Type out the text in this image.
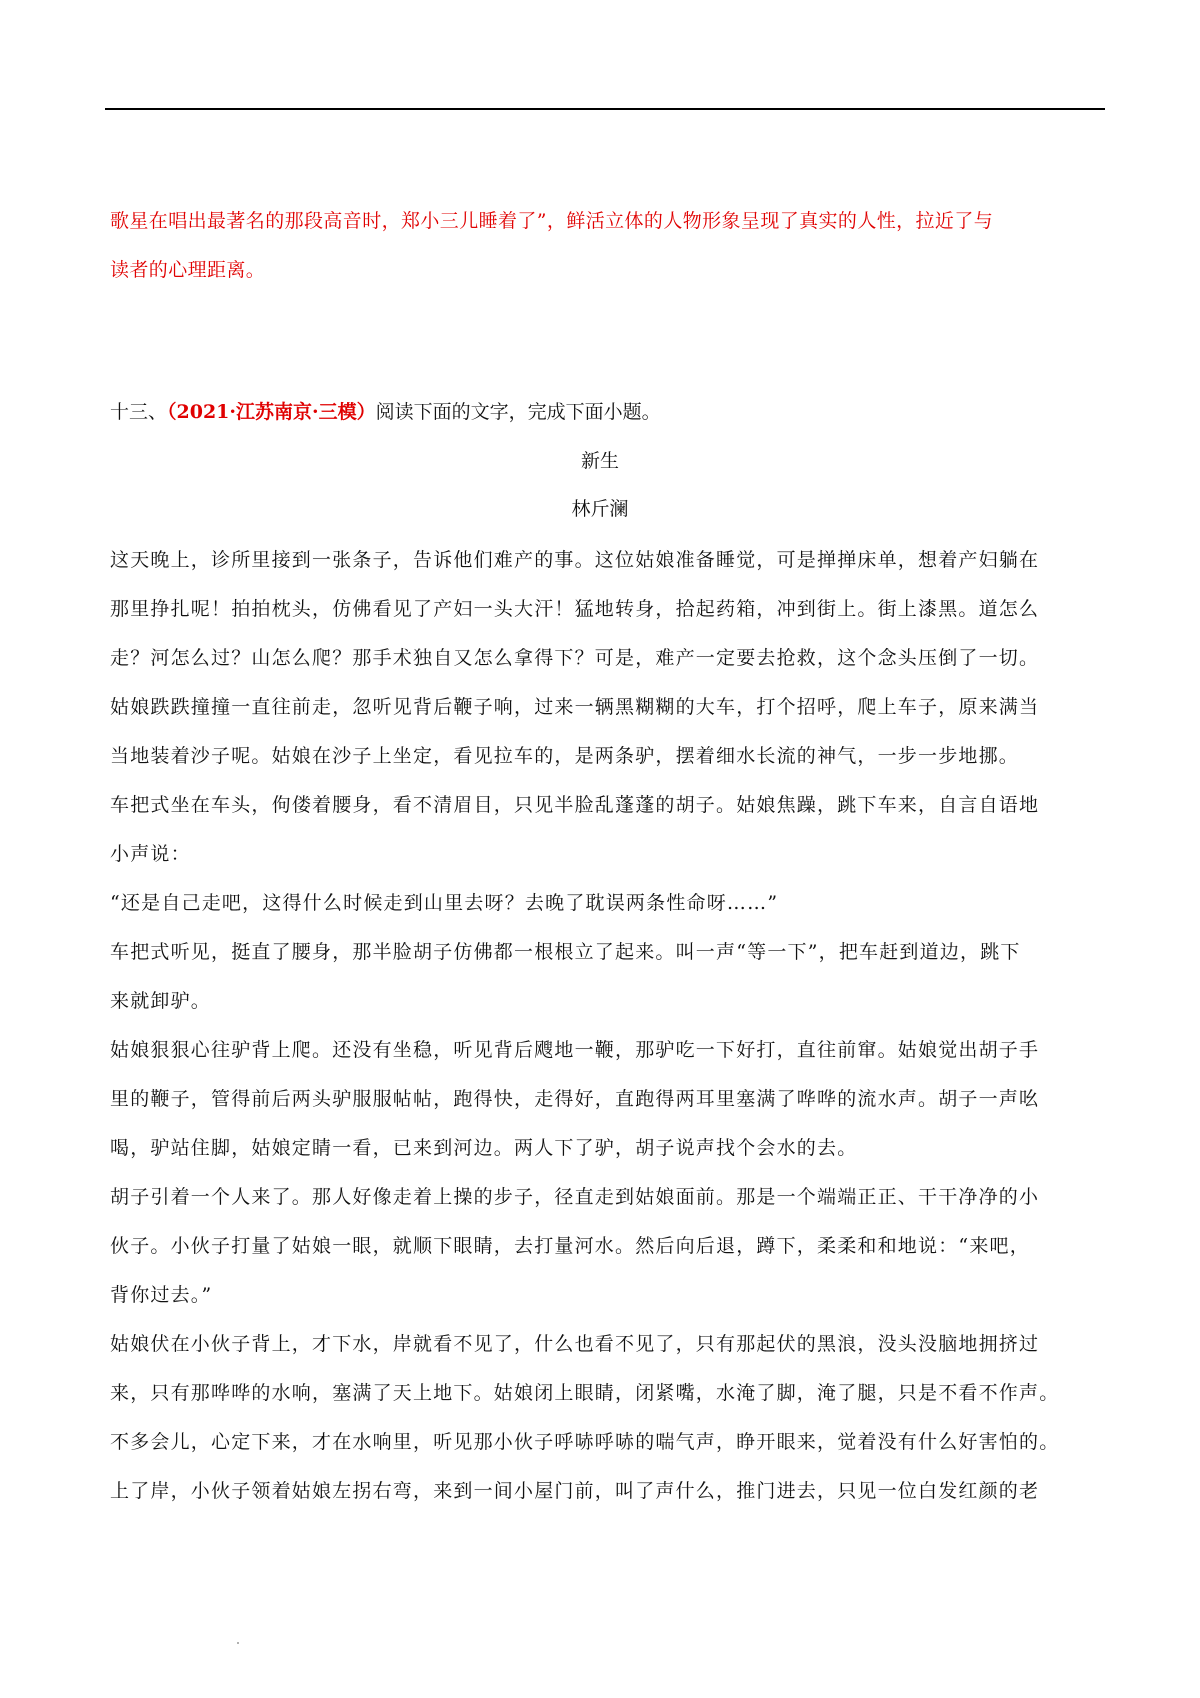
歌星在唱出最著名的那段高音时，郑小三儿睡着了”，鲜活立体的人物形象呈现了真实的人性，拉近了与

读者的心理距离。

十三、（2021·江苏南京·三模）阅读下面的文字，完成下面小题。
新生
林斤澜

这天晚上，诊所里接到一张条子，告诉他们难产的事。这位姑娘准备睡觉，可是掸掸床单，想着产妇躺在

那里挣扎呢！拍拍枕头，仿佛看见了产妇一头大汗！猛地转身，拾起药箱，冲到街上。街上漆黑。道怎么

走？河怎么过？山怎么爬？那手术独自又怎么拿得下？可是，难产一定要去抢救，这个念头压倒了一切。

姑娘跌跌撞撞一直往前走，忽听见背后鞭子响，过来一辆黑糊糊的大车，打个招呼，爬上车子，原来满当

当地装着沙子呢。姑娘在沙子上坐定，看见拉车的，是两条驴，摆着细水长流的神气，一步一步地挪。

车把式坐在车头，佝偻着腰身，看不清眉目，只见半脸乱蓬蓬的胡子。姑娘焦躁，跳下车来，自言自语地

小声说：

“还是自己走吧，这得什么时候走到山里去呀？去晚了耽误两条性命呀……”

车把式听见，挺直了腰身，那半脸胡子仿佛都一根根立了起来。叫一声“等一下”，把车赶到道边，跳下

来就卸驴。

姑娘狠狠心往驴背上爬。还没有坐稳，听见背后飕地一鞭，那驴吃一下好打，直往前窜。姑娘觉出胡子手

里的鞭子，管得前后两头驴服服帖帖，跑得快，走得好，直跑得两耳里塞满了哗哗的流水声。胡子一声吆

喝，驴站住脚，姑娘定睛一看，已来到河边。两人下了驴，胡子说声找个会水的去。

胡子引着一个人来了。那人好像走着上操的步子，径直走到姑娘面前。那是一个端端正正、干干净净的小

伙子。小伙子打量了姑娘一眼，就顺下眼睛，去打量河水。然后向后退，蹲下，柔柔和和地说：“来吧，

背你过去。”

姑娘伏在小伙子背上，才下水，岸就看不见了，什么也看不见了，只有那起伏的黑浪，没头没脑地拥挤过

来，只有那哗哗的水响，塞满了天上地下。姑娘闭上眼睛，闭紧嘴，水淹了脚，淹了腿，只是不看不作声。

不多会儿，心定下来，才在水响里，听见那小伙子呼哧呼哧的喘气声，睁开眼来，觉着没有什么好害怕的。

上了岸，小伙子领着姑娘左拐右弯，来到一间小屋门前，叫了声什么，推门进去，只见一位白发红颜的老
